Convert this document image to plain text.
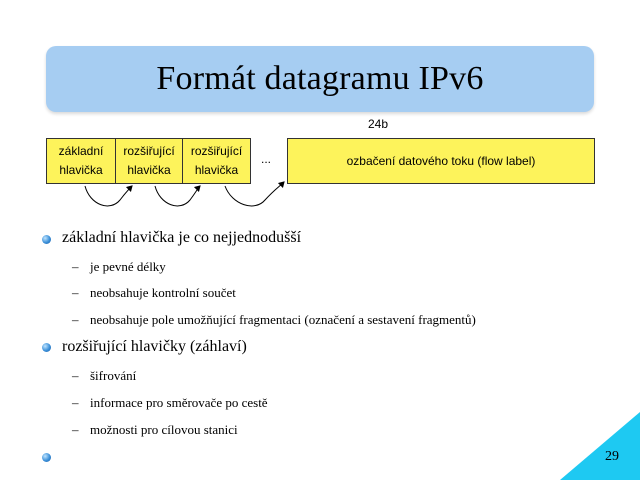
Formát datagramu IPv6
24b
základní
hlavička
rozšiřující
hlavička
rozšiřující
hlavička
...	ozbačení datového toku (flow label)
základní hlavička je co nejjednodušší
– je pevné délky
– neobsahuje kontrolní součet
– neobsahuje pole umožňující fragmentaci (označení a sestavení fragmentů)
rozšiřující hlavičky (záhlaví)
– šifrování
– informace pro směrovače po cestě
– možnosti pro cílovou stanici
29
